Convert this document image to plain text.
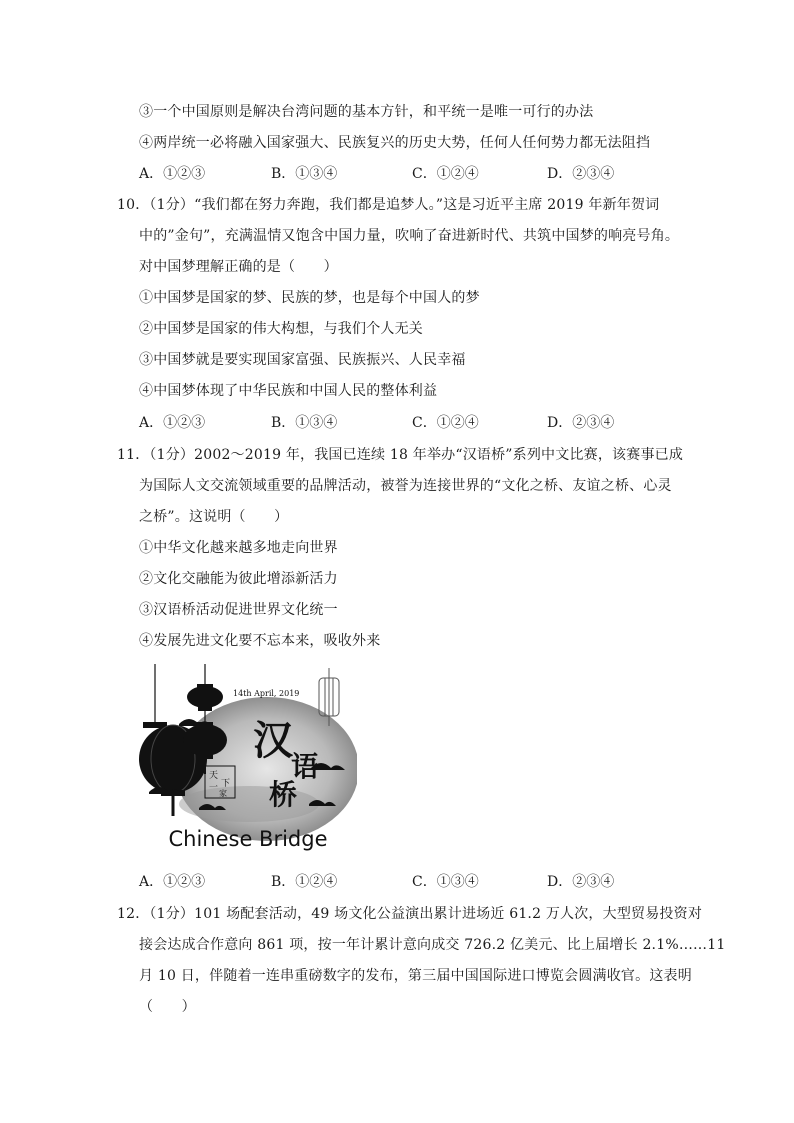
③一个中国原则是解决台湾问题的基本方针，和平统一是唯一可行的办法
④两岸统一必将融入国家强大、民族复兴的历史大势，任何人任何势力都无法阻挡
A．①②③	B．①③④	C．①②④	D．②③④
10．（1分）“我们都在努力奔跑，我们都是追梦人。”这是习近平主席 2019 年新年贺词
中的”金句”，充满温情又饱含中国力量，吹响了奋进新时代、共筑中国梦的响亮号角。
对中国梦理解正确的是（　　）
①中国梦是国家的梦、民族的梦，也是每个中国人的梦
②中国梦是国家的伟大构想，与我们个人无关
③中国梦就是要实现国家富强、民族振兴、人民幸福
④中国梦体现了中华民族和中国人民的整体利益
A．①②③	B．①③④	C．①②④	D．②③④
11．（1分）2002～2019 年，我国已连续 18 年举办“汉语桥”系列中文比赛，该赛事已成
为国际人文交流领域重要的品牌活动，被誉为连接世界的“文化之桥、友谊之桥、心灵
之桥”。这说明（　　）
①中华文化越来越多地走向世界
②文化交融能为彼此增添新活力
③汉语桥活动促进世界文化统一
④发展先进文化要不忘本来，吸收外来
14th April, 2019
汉
语
桥
天
下
一
家
Chinese Bridge
A．①②③	B．①②④	C．①③④	D．②③④
12．（1分）101 场配套活动，49 场文化公益演出累计进场近 61.2 万人次，大型贸易投资对
接会达成合作意向 861 项，按一年计累计意向成交 726.2 亿美元、比上届增长 2.1%……11
月 10 日，伴随着一连串重磅数字的发布，第三届中国国际进口博览会圆满收官。这表明
（　　）
